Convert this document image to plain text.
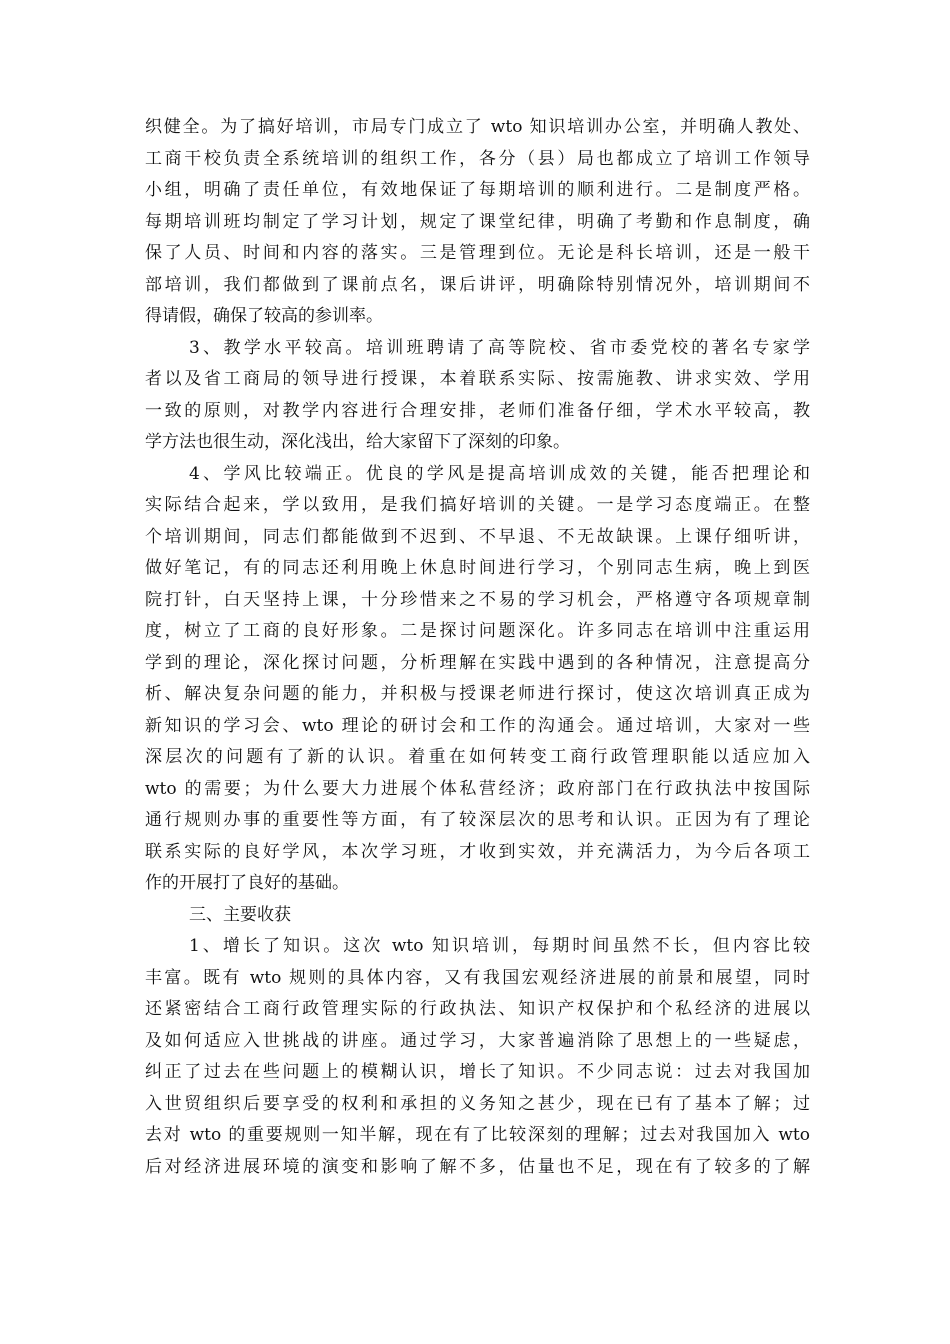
织健全。为了搞好培训，市局专门成立了 wto 知识培训办公室，并明确人教处、
工商干校负责全系统培训的组织工作，各分（县）局也都成立了培训工作领导
小组，明确了责任单位，有效地保证了每期培训的顺利进行。二是制度严格。
每期培训班均制定了学习计划，规定了课堂纪律，明确了考勤和作息制度，确
保了人员、时间和内容的落实。三是管理到位。无论是科长培训，还是一般干
部培训，我们都做到了课前点名，课后讲评，明确除特别情况外，培训期间不
得请假，确保了较高的参训率。
3、教学水平较高。培训班聘请了高等院校、省市委党校的著名专家学
者以及省工商局的领导进行授课，本着联系实际、按需施教、讲求实效、学用
一致的原则，对教学内容进行合理安排，老师们准备仔细，学术水平较高，教
学方法也很生动，深化浅出，给大家留下了深刻的印象。
4、学风比较端正。优良的学风是提高培训成效的关键，能否把理论和
实际结合起来，学以致用，是我们搞好培训的关键。一是学习态度端正。在整
个培训期间，同志们都能做到不迟到、不早退、不无故缺课。上课仔细听讲，
做好笔记，有的同志还利用晚上休息时间进行学习，个别同志生病，晚上到医
院打针，白天坚持上课，十分珍惜来之不易的学习机会，严格遵守各项规章制
度，树立了工商的良好形象。二是探讨问题深化。许多同志在培训中注重运用
学到的理论，深化探讨问题，分析理解在实践中遇到的各种情况，注意提高分
析、解决复杂问题的能力，并积极与授课老师进行探讨，使这次培训真正成为
新知识的学习会、wto 理论的研讨会和工作的沟通会。通过培训，大家对一些
深层次的问题有了新的认识。着重在如何转变工商行政管理职能以适应加入
wto 的需要；为什么要大力进展个体私营经济；政府部门在行政执法中按国际
通行规则办事的重要性等方面，有了较深层次的思考和认识。正因为有了理论
联系实际的良好学风，本次学习班，才收到实效，并充满活力，为今后各项工
作的开展打了良好的基础。
三、主要收获
1、增长了知识。这次 wto 知识培训，每期时间虽然不长，但内容比较
丰富。既有 wto 规则的具体内容，又有我国宏观经济进展的前景和展望，同时
还紧密结合工商行政管理实际的行政执法、知识产权保护和个私经济的进展以
及如何适应入世挑战的讲座。通过学习，大家普遍消除了思想上的一些疑虑，
纠正了过去在些问题上的模糊认识，增长了知识。不少同志说：过去对我国加
入世贸组织后要享受的权利和承担的义务知之甚少，现在已有了基本了解；过
去对 wto 的重要规则一知半解，现在有了比较深刻的理解；过去对我国加入 wto
后对经济进展环境的演变和影响了解不多，估量也不足，现在有了较多的了解
